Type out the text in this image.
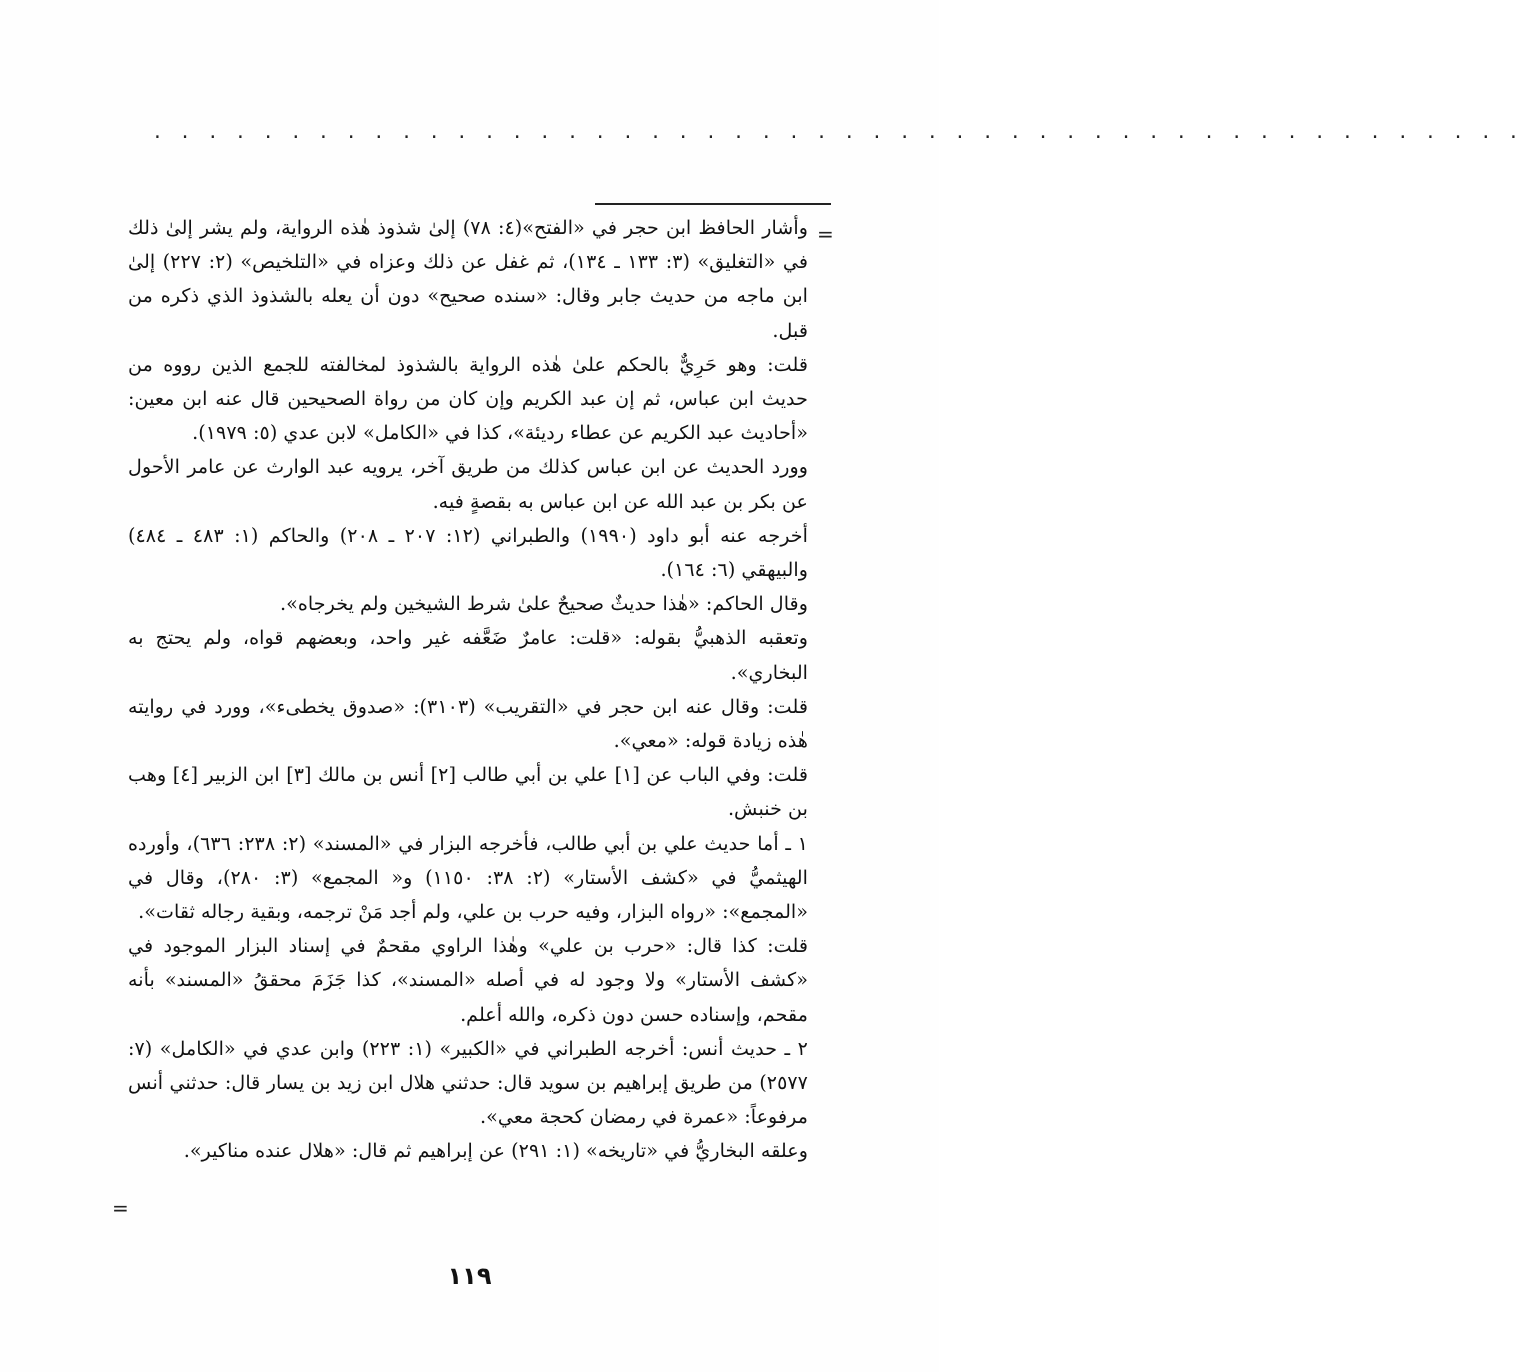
. . . . . . . . . . . . . . . . . . . . . . . . . . . . . . . . . . . . . . . . . . . . . . . . . .
=

وأشار الحافظ ابن حجر في «الفتح»(٤: ٧٨) إلىٰ شذوذ هٰذه الرواية، ولم يشر إلىٰ ذلك في «التغليق» (٣: ١٣٣ ـ ١٣٤)، ثم غفل عن ذلك وعزاه في «التلخيص» (٢: ٢٢٧) إلىٰ ابن ماجه من حديث جابر وقال: «سنده صحيح» دون أن يعله بالشذوذ الذي ذكره من قبل.

قلت: وهو حَرِيٌّ بالحكم علىٰ هٰذه الرواية بالشذوذ لمخالفته للجمع الذين رووه من حديث ابن عباس، ثم إن عبد الكريم وإن كان من رواة الصحيحين قال عنه ابن معين: «أحاديث عبد الكريم عن عطاء رديئة»، كذا في «الكامل» لابن عدي (٥: ١٩٧٩).

وورد الحديث عن ابن عباس كذلك من طريق آخر، يرويه عبد الوارث عن عامر الأحول عن بكر بن عبد الله عن ابن عباس به بقصةٍ فيه.

أخرجه عنه أبو داود (١٩٩٠) والطبراني (١٢: ٢٠٧ ـ ٢٠٨) والحاكم (١: ٤٨٣ ـ ٤٨٤) والبيهقي (٦: ١٦٤).

وقال الحاكم: «هٰذا حديثٌ صحيحٌ علىٰ شرط الشيخين ولم يخرجاه».

وتعقبه الذهبيُّ بقوله: «قلت: عامرٌ ضَعَّفه غير واحد، وبعضهم قواه، ولم يحتج به البخاري».

قلت: وقال عنه ابن حجر في «التقريب» (٣١٠٣): «صدوق يخطىء»، وورد في روايته هٰذه زيادة قوله: «معي».

قلت: وفي الباب عن [١] علي بن أبي طالب [٢] أنس بن مالك [٣] ابن الزبير [٤] وهب بن خنبش.

١ ـ أما حديث علي بن أبي طالب، فأخرجه البزار في «المسند» (٢: ٢٣٨: ٦٣٦)، وأورده الهيثميُّ في «كشف الأستار» (٢: ٣٨: ١١٥٠) و« المجمع» (٣: ٢٨٠)، وقال في «المجمع»: «رواه البزار، وفيه حرب بن علي، ولم أجد مَنْ ترجمه، وبقية رجاله ثقات».

قلت: كذا قال: «حرب بن علي» وهٰذا الراوي مقحمٌ في إسناد البزار الموجود في «كشف الأستار» ولا وجود له في أصله «المسند»، كذا جَزَمَ محققُ «المسند» بأنه مقحم، وإسناده حسن دون ذكره، والله أعلم.

٢ ـ حديث أنس: أخرجه الطبراني في «الكبير» (١: ٢٢٣) وابن عدي في «الكامل» (٧: ٢٥٧٧) من طريق إبراهيم بن سويد قال: حدثني هلال ابن زيد بن يسار قال: حدثني أنس مرفوعاً: «عمرة في رمضان كحجة معي».

وعلقه البخاريُّ في «تاريخه» (١: ٢٩١) عن إبراهيم ثم قال: «هلال عنده مناكير».

=
١١٩
